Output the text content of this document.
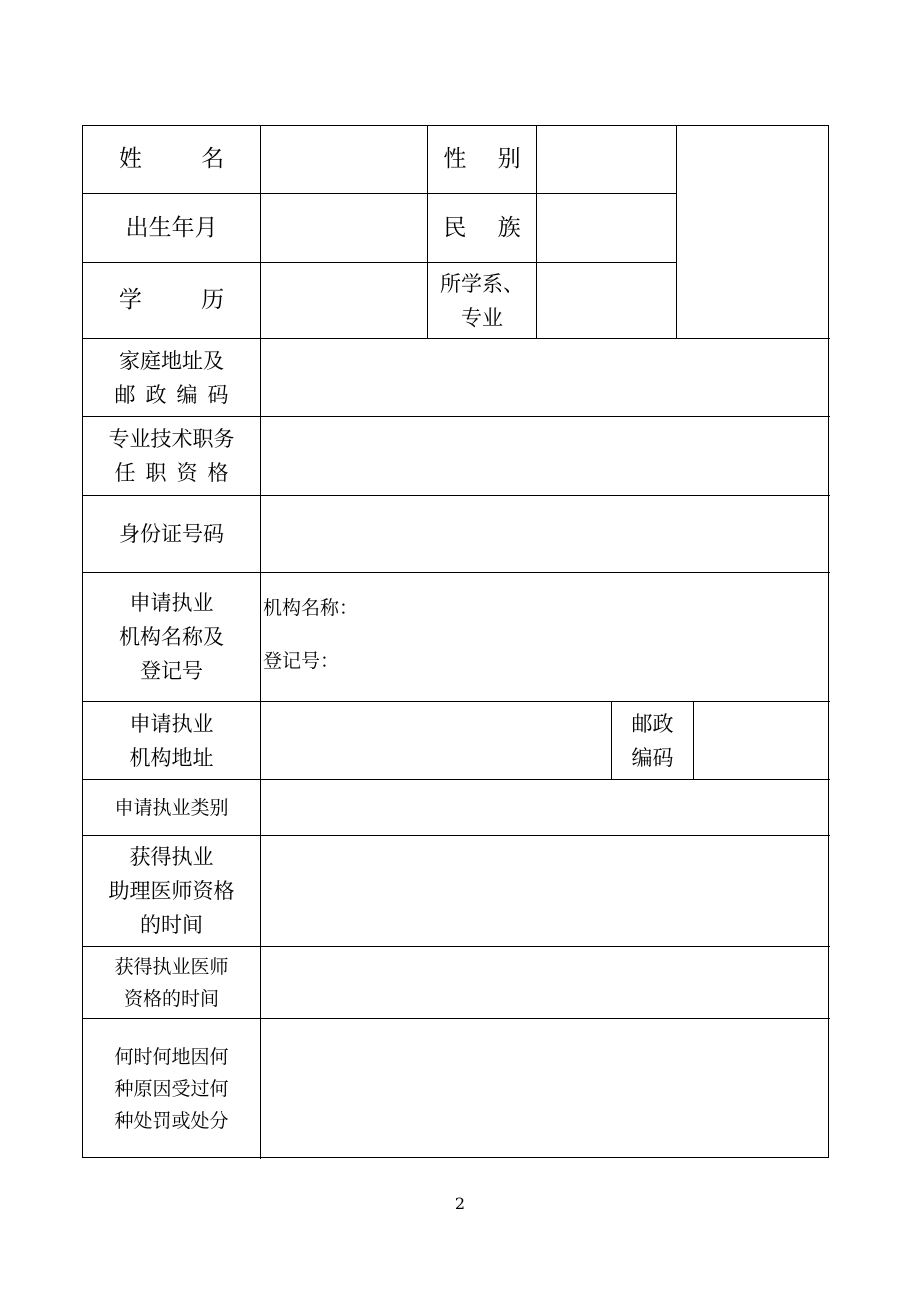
姓 名	性 别
出生年月	民 族
学 历
所学系、
专业
家庭地址及
邮政编码
专业技术职务
任职资格
身份证号码
申请执业
机构名称及
登记号
机构名称：
登记号：
申请执业
机构地址
邮政
编码
申请执业类别
获得执业
助理医师资格
的时间
获得执业医师
资格的时间
何时何地因何
种原因受过何
种处罚或处分
2
